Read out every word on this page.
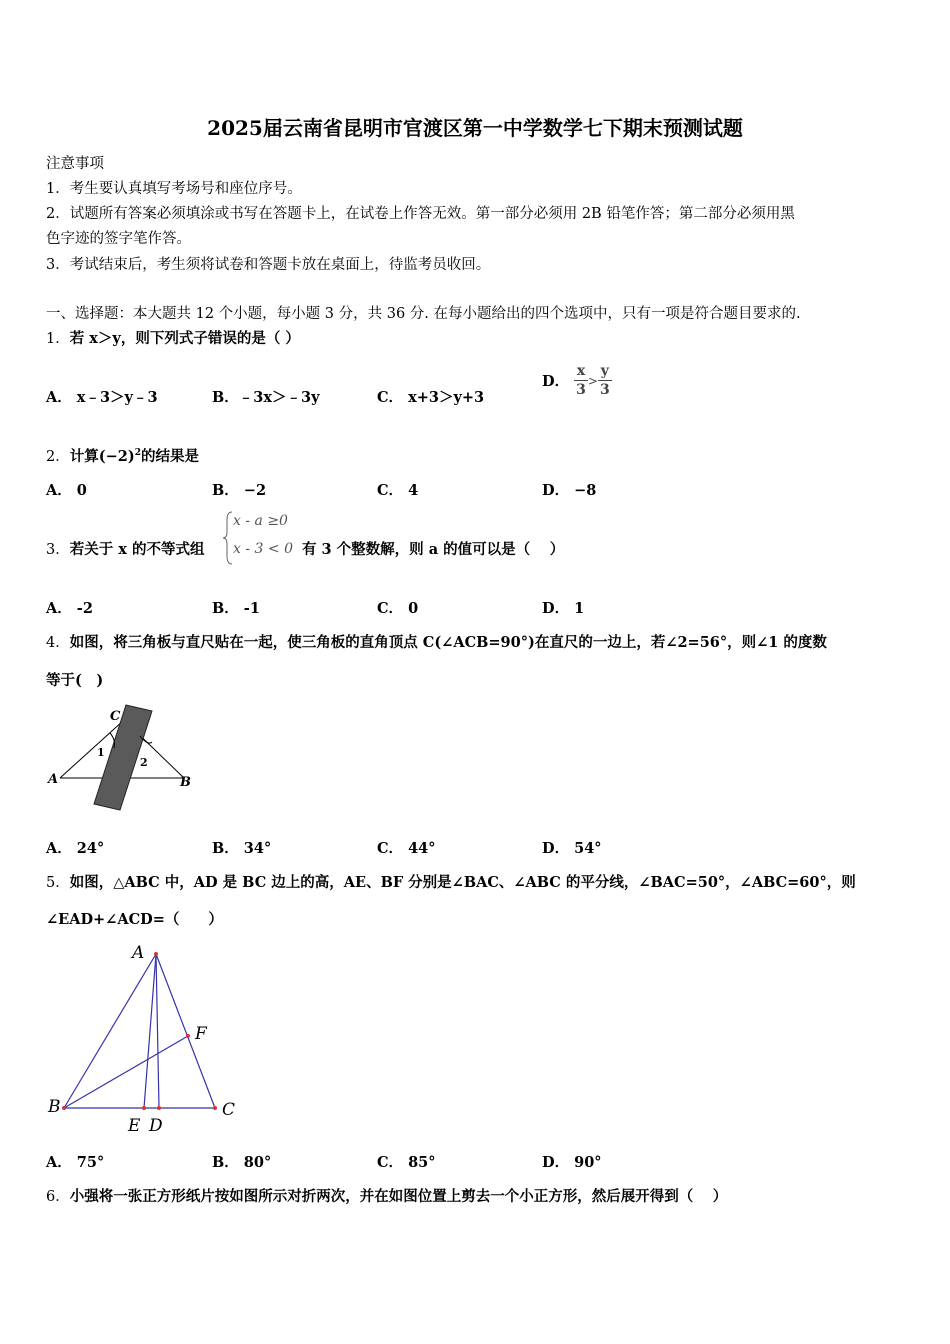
2025届云南省昆明市官渡区第一中学数学七下期末预测试题
注意事项
1．考生要认真填写考场号和座位序号。
2．试题所有答案必须填涂或书写在答题卡上，在试卷上作答无效。第一部分必须用 2B 铅笔作答；第二部分必须用黑
色字迹的签字笔作答。
3．考试结束后，考生须将试卷和答题卡放在桌面上，待监考员收回。
一、选择题：本大题共 12 个小题，每小题 3 分，共 36 分. 在每小题给出的四个选项中，只有一项是符合题目要求的.
1．若 x＞y，则下列式子错误的是（ ）
A． x﹣3＞y﹣3	B．﹣3x＞﹣3y	C． x+3＞y+3
D． $\frac{x}{3} > \frac{y}{3}$
2．计算$(-2)^2$的结果是
A． 0	B． −2	C． 4	D． −8
3．若关于 x 的不等式组
x - a ≥0
x - 3 < 0 有 3 个整数解，则 a 的值可以是（　 ）
A． -2	B． -1	C． 0	D． 1
4．如图，将三角板与直尺贴在一起，使三角板的直角顶点 C(∠ACB=90°)在直尺的一边上，若∠2=56°，则∠1 的度数
等于(　)
A	B
C
1
2
A． 24°	B． 34°	C． 44°	D． 54°
5．如图，△ABC 中，AD 是 BC 边上的高，AE、BF 分别是∠BAC、∠ABC 的平分线，∠BAC=50°，∠ABC=60°，则
∠EAD+∠ACD=（　　）
A
B	C
E D
F
A． 75°	B． 80°	C． 85°	D． 90°
6．小强将一张正方形纸片按如图所示对折两次，并在如图位置上剪去一个小正方形，然后展开得到（　 ）
